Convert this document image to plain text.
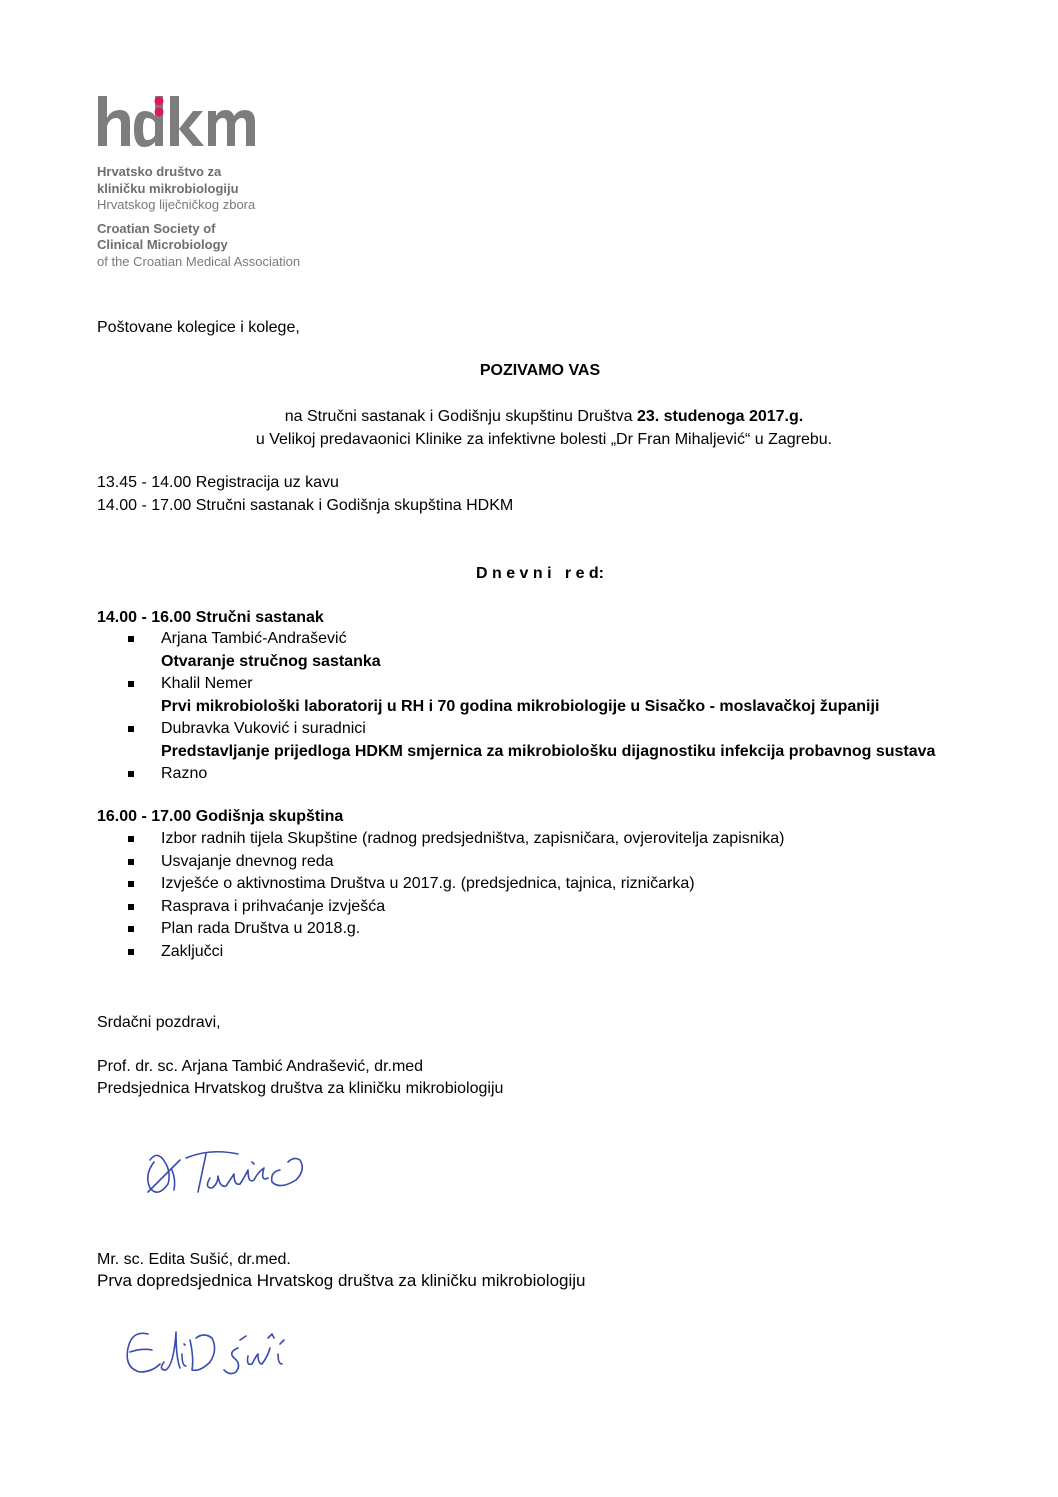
Hrvatsko društvo za
kliničku mikrobiologiju
Hrvatskog liječničkog zbora
Croatian Society of
Clinical Microbiology
of the Croatian Medical Association
Poštovane kolegice i kolege,
POZIVAMO VAS
na Stručni sastanak i Godišnju skupštinu Društva 23. studenoga 2017.g.
u Velikoj predavaonici Klinike za infektivne bolesti „Dr Fran Mihaljević“ u Zagrebu.
13.45 - 14.00 Registracija uz kavu
14.00 - 17.00 Stručni sastanak i Godišnja skupština HDKM
D n e v n i   r e d:
14.00 - 16.00 Stručni sastanak
Arjana Tambić-Andrašević
Otvaranje stručnog sastanka
Khalil Nemer
Prvi mikrobiološki laboratorij u RH i 70 godina mikrobiologije u Sisačko - moslavačkoj županiji
Dubravka Vuković i suradnici
Predstavljanje prijedloga HDKM smjernica za mikrobiološku dijagnostiku infekcija probavnog sustava
Razno
16.00 - 17.00 Godišnja skupština
Izbor radnih tijela Skupštine (radnog predsjedništva, zapisničara, ovjerovitelja zapisnika)
Usvajanje dnevnog reda
Izvješće o aktivnostima Društva u 2017.g. (predsjednica, tajnica, rizničarka)
Rasprava i prihvaćanje izvješća
Plan rada Društva u 2018.g.
Zaključci
Srdačni pozdravi,
Prof. dr. sc. Arjana Tambić Andrašević, dr.med
Predsjednica Hrvatskog društva za kliničku mikrobiologiju
Mr. sc. Edita Sušić, dr.med.
Prva dopredsjednica Hrvatskog društva za kliničku mikrobiologiju
